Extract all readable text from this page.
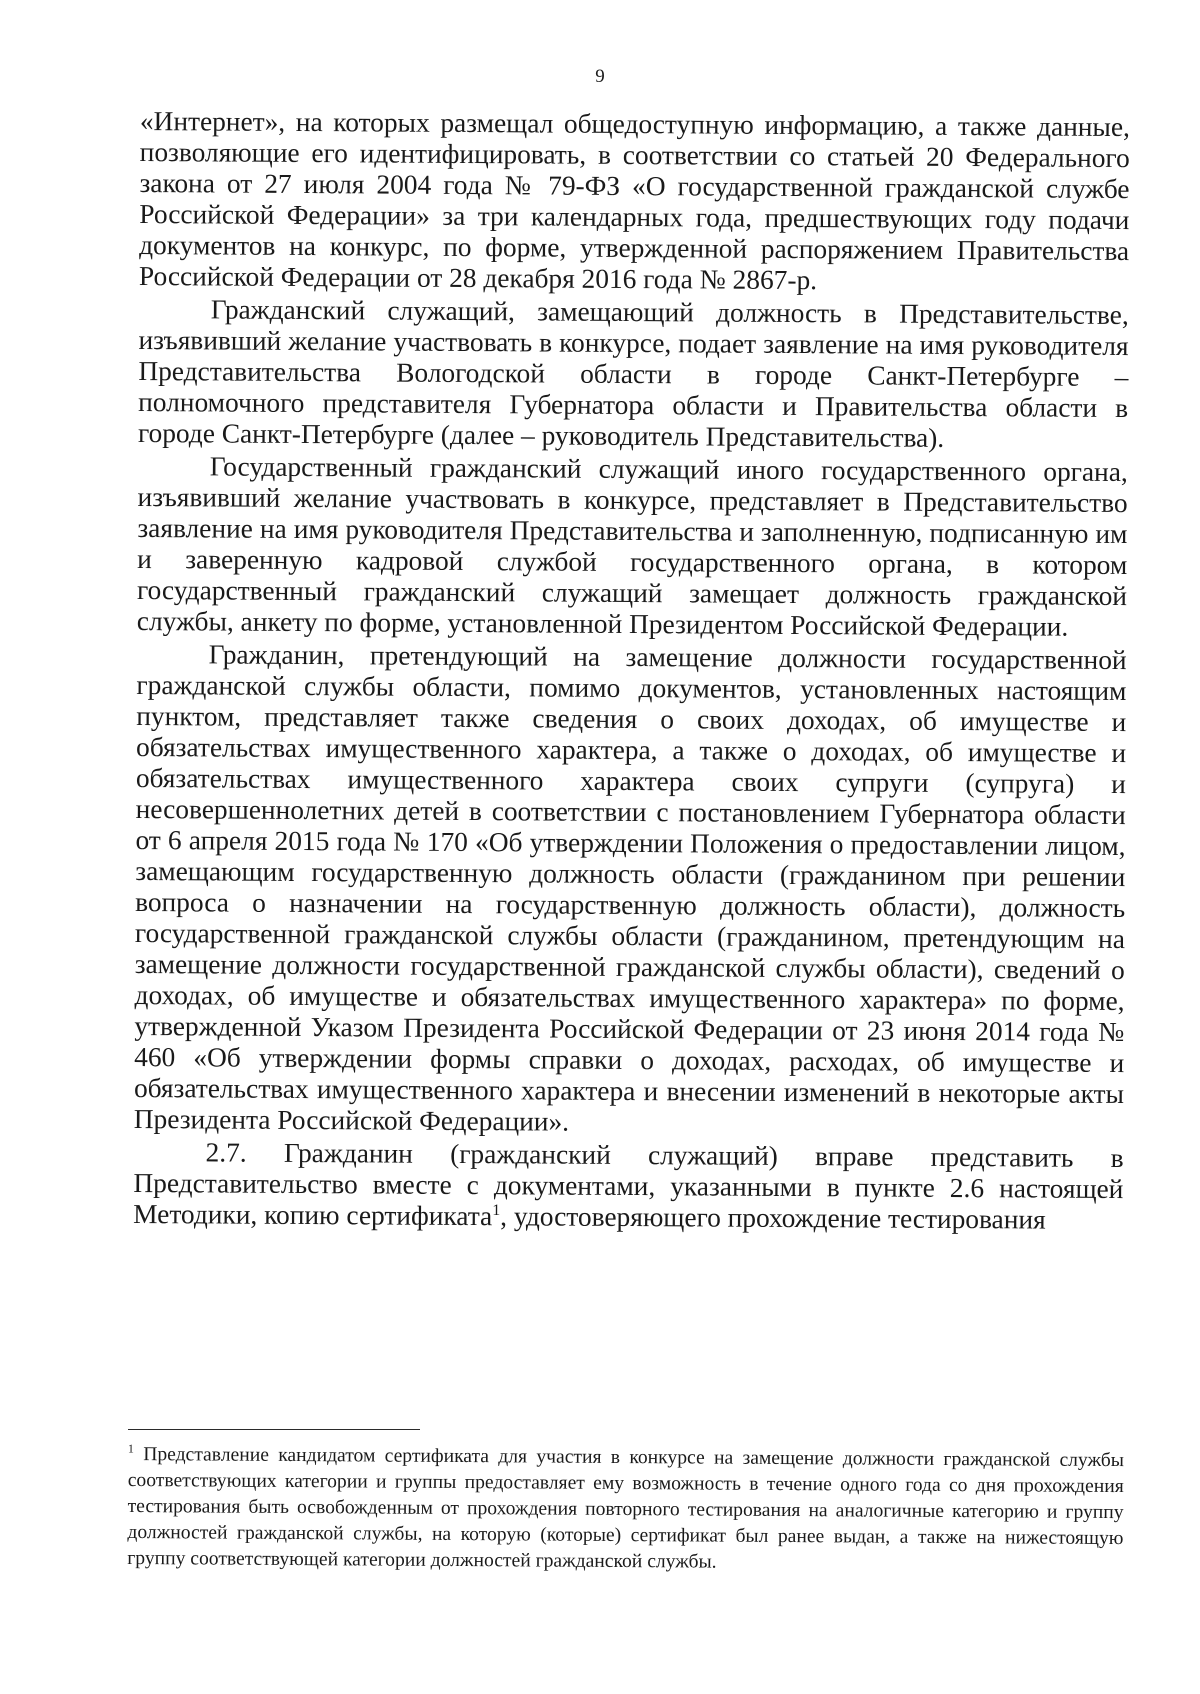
9

«Интернет», на которых размещал общедоступную информацию, а также данные, позволяющие его идентифицировать, в соответствии со статьей 20 Федерального закона от 27 июля 2004 года № 79-ФЗ «О государственной гражданской службе Российской Федерации» за три календарных года, предшествующих году подачи документов на конкурс, по форме, утвержденной распоряжением Правительства Российской Федерации от 28 декабря 2016 года № 2867-р.

Гражданский служащий, замещающий должность в Представительстве, изъявивший желание участвовать в конкурсе, подает заявление на имя руководителя Представительства Вологодской области в городе Санкт-Петербурге – полномочного представителя Губернатора области и Правительства области в городе Санкт-Петербурге (далее – руководитель Представительства).

Государственный гражданский служащий иного государственного органа, изъявивший желание участвовать в конкурсе, представляет в Представительство заявление на имя руководителя Представительства и заполненную, подписанную им и заверенную кадровой службой государственного органа, в котором государственный гражданский служащий замещает должность гражданской службы, анкету по форме, установленной Президентом Российской Федерации.

Гражданин, претендующий на замещение должности государственной гражданской службы области, помимо документов, установленных настоящим пунктом, представляет также сведения о своих доходах, об имуществе и обязательствах имущественного характера, а также о доходах, об имуществе и обязательствах имущественного характера своих супруги (супруга) и несовершеннолетних детей в соответствии с постановлением Губернатора области от 6 апреля 2015 года № 170 «Об утверждении Положения о предоставлении лицом, замещающим государственную должность области (гражданином при решении вопроса о назначении на государственную должность области), должность государственной гражданской службы области (гражданином, претендующим на замещение должности государственной гражданской службы области), сведений о доходах, об имуществе и обязательствах имущественного характера» по форме, утвержденной Указом Президента Российской Федерации от 23 июня 2014 года № 460 «Об утверждении формы справки о доходах, расходах, об имуществе и обязательствах имущественного характера и внесении изменений в некоторые акты Президента Российской Федерации».

2.7. Гражданин (гражданский служащий) вправе представить в Представительство вместе с документами, указанными в пункте 2.6 настоящей Методики, копию сертификата$^1$, удостоверяющего прохождение тестирования

$^1$ Представление кандидатом сертификата для участия в конкурсе на замещение должности гражданской службы соответствующих категории и группы предоставляет ему возможность в течение одного года со дня прохождения тестирования быть освобожденным от прохождения повторного тестирования на аналогичные категорию и группу должностей гражданской службы, на которую (которые) сертификат был ранее выдан, а также на нижестоящую группу соответствующей категории должностей гражданской службы.
